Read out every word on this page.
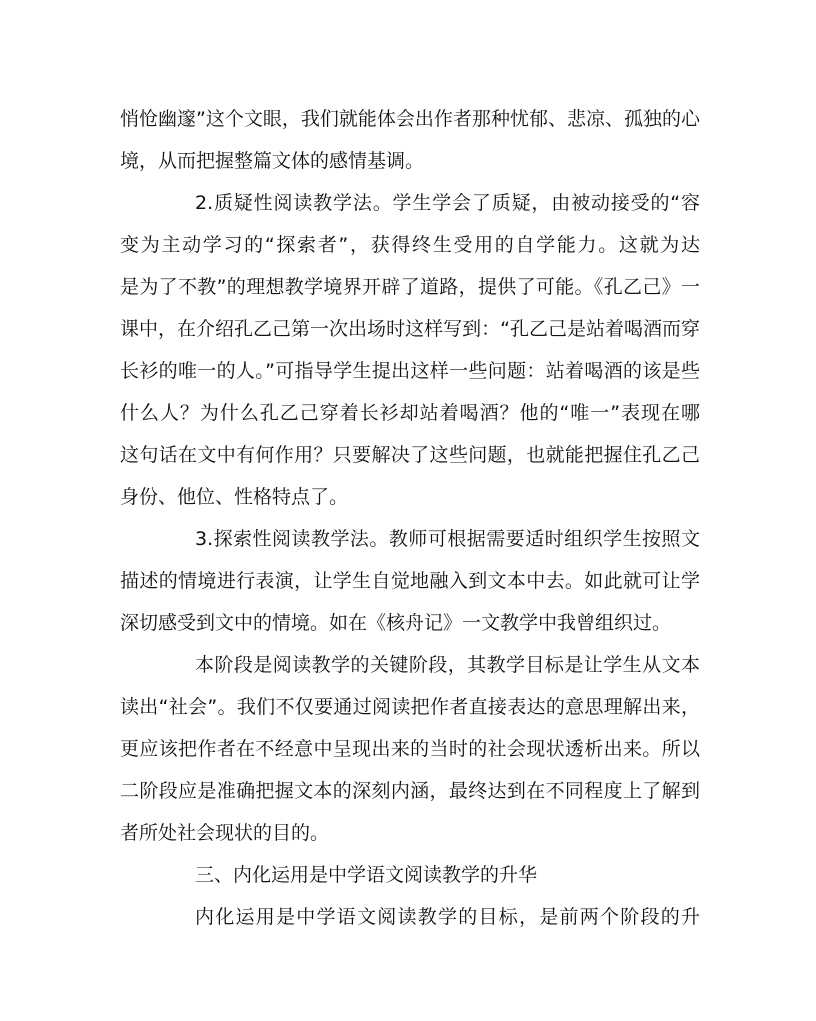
悄怆幽邃”这个文眼，我们就能体会出作者那种忧郁、悲凉、孤独的心
境，从而把握整篇文体的感情基调。
2.质疑性阅读教学法。学生学会了质疑，由被动接受的“容
变为主动学习的“探索者”，获得终生受用的自学能力。这就为达
是为了不教”的理想教学境界开辟了道路，提供了可能。《孔乙己》一
课中，在介绍孔乙己第一次出场时这样写到：“孔乙己是站着喝酒而穿
长衫的唯一的人。”可指导学生提出这样一些问题：站着喝酒的该是些
什么人？为什么孔乙己穿着长衫却站着喝酒？他的“唯一”表现在哪
这句话在文中有何作用？只要解决了这些问题，也就能把握住孔乙己
身份、他位、性格特点了。
3.探索性阅读教学法。教师可根据需要适时组织学生按照文
描述的情境进行表演，让学生自觉地融入到文本中去。如此就可让学
深切感受到文中的情境。如在《核舟记》一文教学中我曾组织过。
本阶段是阅读教学的关键阶段，其教学目标是让学生从文本
读出“社会”。我们不仅要通过阅读把作者直接表达的意思理解出来，
更应该把作者在不经意中呈现出来的当时的社会现状透析出来。所以
二阶段应是准确把握文本的深刻内涵，最终达到在不同程度上了解到
者所处社会现状的目的。
三、内化运用是中学语文阅读教学的升华
内化运用是中学语文阅读教学的目标，是前两个阶段的升
